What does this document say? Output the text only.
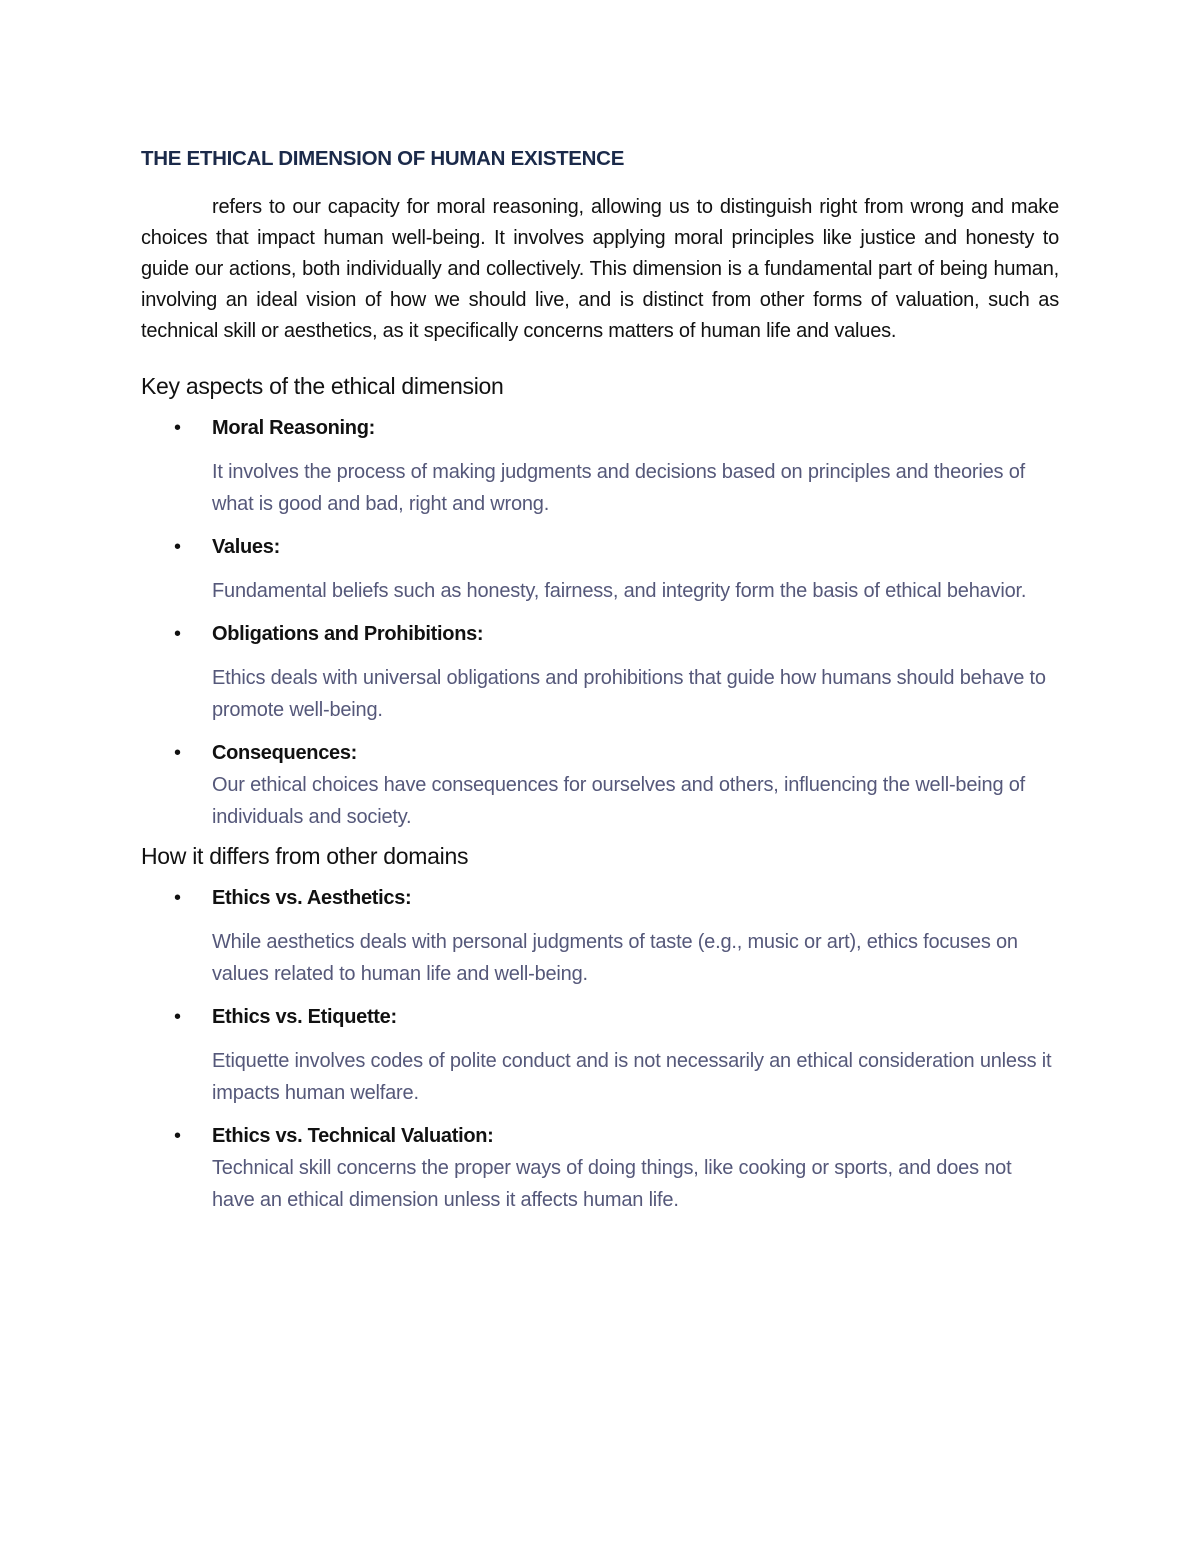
THE ETHICAL DIMENSION OF HUMAN EXISTENCE

refers to our capacity for moral reasoning, allowing us to distinguish right from wrong and make choices that impact human well-being. It involves applying moral principles like justice and honesty to guide our actions, both individually and collectively. This dimension is a fundamental part of being human, involving an ideal vision of how we should live, and is distinct from other forms of valuation, such as technical skill or aesthetics, as it specifically concerns matters of human life and values.

Key aspects of the ethical dimension
• Moral Reasoning:

It involves the process of making judgments and decisions based on principles and theories of what is good and bad, right and wrong.

• Values:

Fundamental beliefs such as honesty, fairness, and integrity form the basis of ethical behavior.

• Obligations and Prohibitions:

Ethics deals with universal obligations and prohibitions that guide how humans should behave to promote well-being.

• Consequences:

Our ethical choices have consequences for ourselves and others, influencing the well-being of individuals and society.

How it differs from other domains
• Ethics vs. Aesthetics:

While aesthetics deals with personal judgments of taste (e.g., music or art), ethics focuses on values related to human life and well-being.

• Ethics vs. Etiquette:

Etiquette involves codes of polite conduct and is not necessarily an ethical consideration unless it impacts human welfare.

• Ethics vs. Technical Valuation:

Technical skill concerns the proper ways of doing things, like cooking or sports, and does not have an ethical dimension unless it affects human life.
